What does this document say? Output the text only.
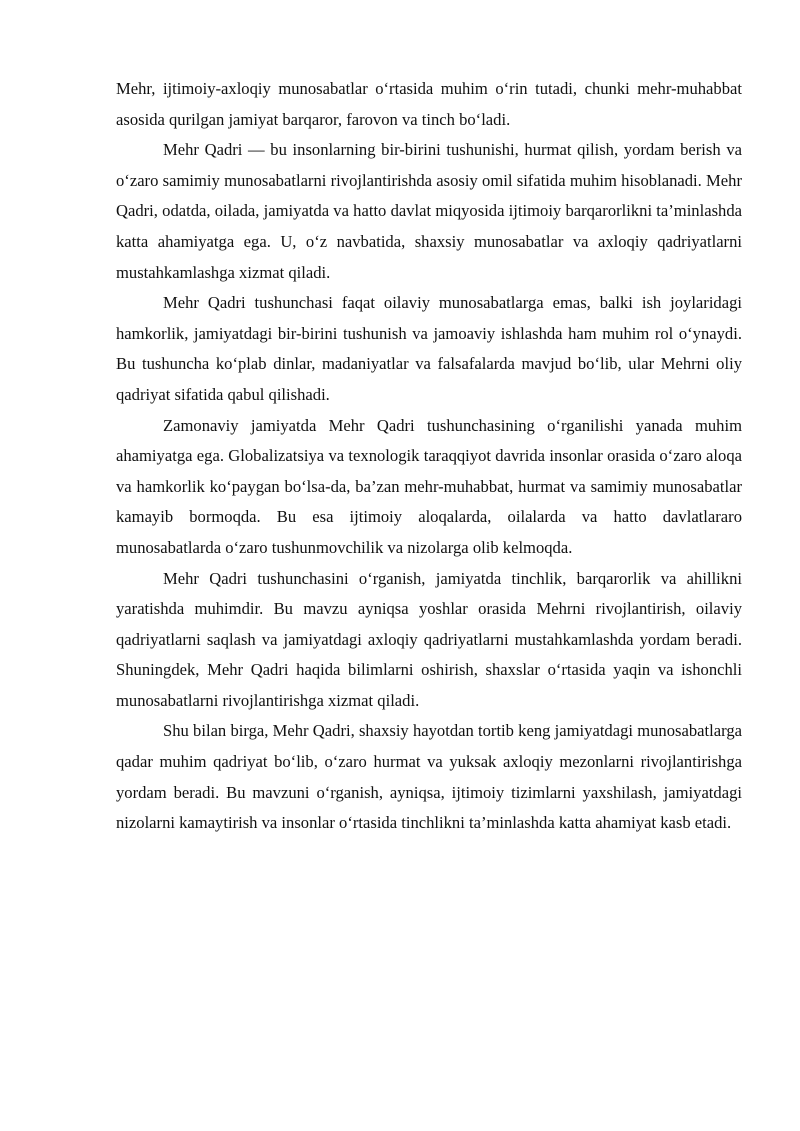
Mehr, ijtimoiy-axloqiy munosabatlar o‘rtasida muhim o‘rin tutadi, chunki mehr-muhabbat asosida qurilgan jamiyat barqaror, farovon va tinch bo‘ladi.

Mehr Qadri — bu insonlarning bir-birini tushunishi, hurmat qilish, yordam berish va o‘zaro samimiy munosabatlarni rivojlantirishda asosiy omil sifatida muhim hisoblanadi. Mehr Qadri, odatda, oilada, jamiyatda va hatto davlat miqyosida ijtimoiy barqarorlikni ta’minlashda katta ahamiyatga ega. U, o‘z navbatida, shaxsiy munosabatlar va axloqiy qadriyatlarni mustahkamlashga xizmat qiladi.

Mehr Qadri tushunchasi faqat oilaviy munosabatlarga emas, balki ish joylaridagi hamkorlik, jamiyatdagi bir-birini tushunish va jamoaviy ishlashda ham muhim rol o‘ynaydi. Bu tushuncha ko‘plab dinlar, madaniyatlar va falsafalarda mavjud bo‘lib, ular Mehrni oliy qadriyat sifatida qabul qilishadi.

Zamonaviy jamiyatda Mehr Qadri tushunchasining o‘rganilishi yanada muhim ahamiyatga ega. Globalizatsiya va texnologik taraqqiyot davrida insonlar orasida o‘zaro aloqa va hamkorlik ko‘paygan bo‘lsa-da, ba’zan mehr-muhabbat, hurmat va samimiy munosabatlar kamayib bormoqda. Bu esa ijtimoiy aloqalarda, oilalarda va hatto davlatlararo munosabatlarda o‘zaro tushunmovchilik va nizolarga olib kelmoqda.

Mehr Qadri tushunchasini o‘rganish, jamiyatda tinchlik, barqarorlik va ahillikni yaratishda muhimdir. Bu mavzu ayniqsa yoshlar orasida Mehrni rivojlantirish, oilaviy qadriyatlarni saqlash va jamiyatdagi axloqiy qadriyatlarni mustahkamlashda yordam beradi. Shuningdek, Mehr Qadri haqida bilimlarni oshirish, shaxslar o‘rtasida yaqin va ishonchli munosabatlarni rivojlantirishga xizmat qiladi.

Shu bilan birga, Mehr Qadri, shaxsiy hayotdan tortib keng jamiyatdagi munosabatlarga qadar muhim qadriyat bo‘lib, o‘zaro hurmat va yuksak axloqiy mezonlarni rivojlantirishga yordam beradi. Bu mavzuni o‘rganish, ayniqsa, ijtimoiy tizimlarni yaxshilash, jamiyatdagi nizolarni kamaytirish va insonlar o‘rtasida tinchlikni ta’minlashda katta ahamiyat kasb etadi.
